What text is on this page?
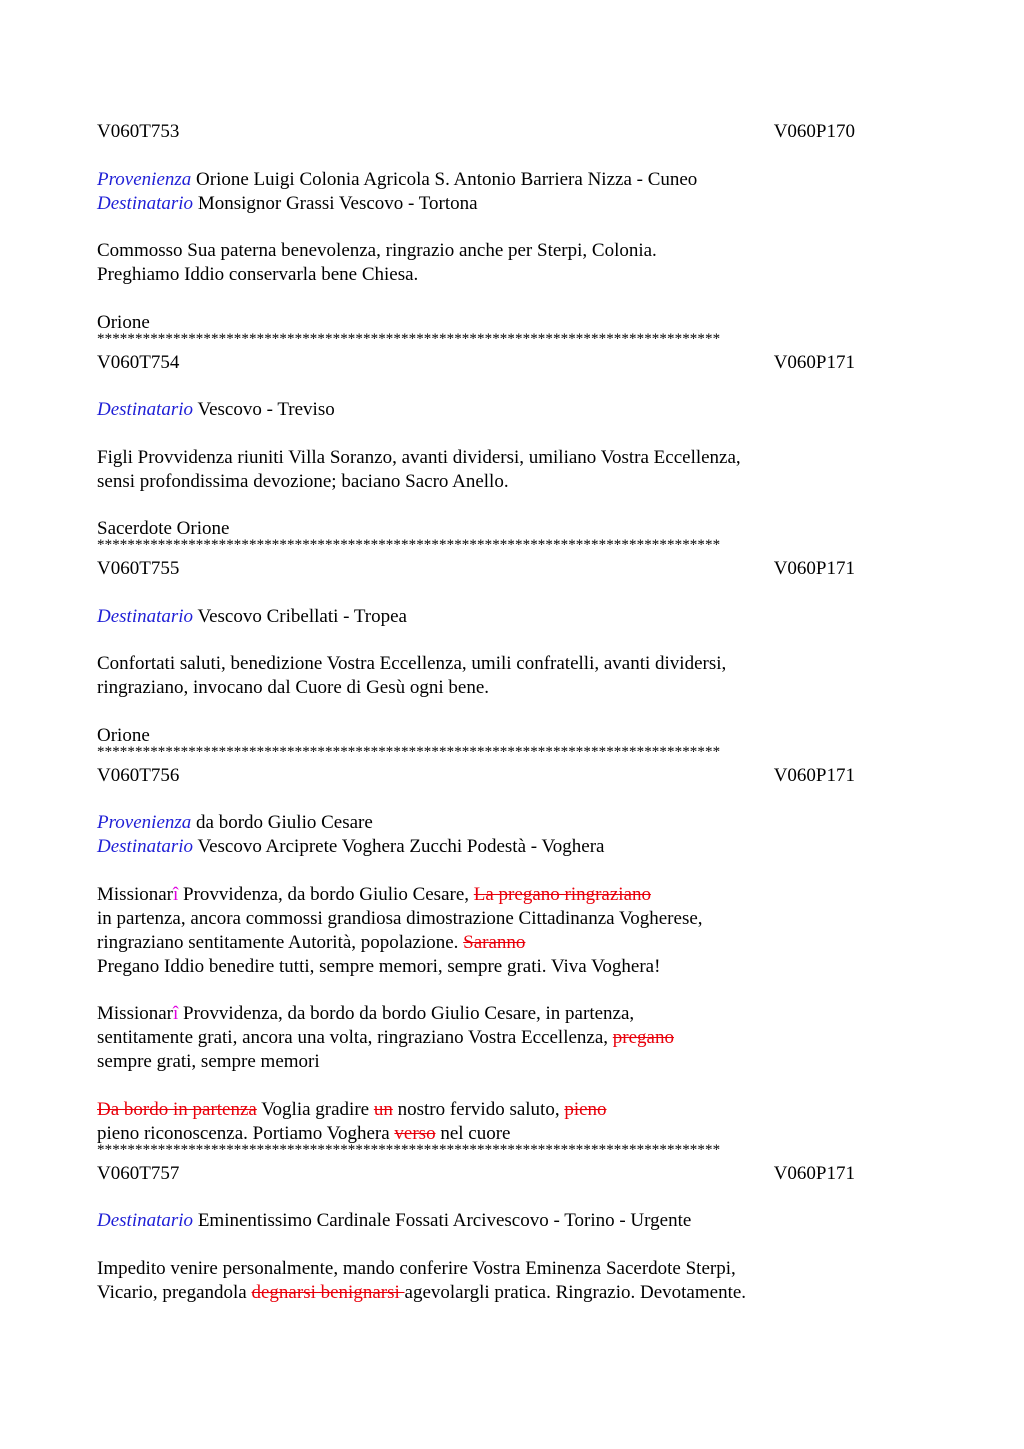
V060T753	V060P170
Provenienza Orione Luigi Colonia Agricola S. Antonio Barriera Nizza - Cuneo
Destinatario Monsignor Grassi Vescovo - Tortona
Commosso Sua paterna benevolenza, ringrazio anche per Sterpi, Colonia.
Preghiamo Iddio conservarla bene Chiesa.
Orione
**********************************************************************************
V060T754	V060P171
Destinatario Vescovo - Treviso
Figli Provvidenza riuniti Villa Soranzo, avanti dividersi, umiliano Vostra Eccellenza,
sensi profondissima devozione; baciano Sacro Anello.
Sacerdote Orione
**********************************************************************************
V060T755	V060P171
Destinatario Vescovo Cribellati - Tropea
Confortati saluti, benedizione Vostra Eccellenza, umili confratelli, avanti dividersi,
ringraziano, invocano dal Cuore di Gesù ogni bene.
Orione
**********************************************************************************
V060T756	V060P171
Provenienza da bordo Giulio Cesare
Destinatario Vescovo Arciprete Voghera Zucchi Podestà - Voghera
Missionarî Provvidenza, da bordo Giulio Cesare, La pregano ringraziano
in partenza, ancora commossi grandiosa dimostrazione Cittadinanza Vogherese,
ringraziano sentitamente Autorità, popolazione. Saranno
Pregano Iddio benedire tutti, sempre memori, sempre grati. Viva Voghera!
Missionarî Provvidenza, da bordo da bordo Giulio Cesare, in partenza,
sentitamente grati, ancora una volta, ringraziano Vostra Eccellenza, pregano
sempre grati, sempre memori
Da bordo in partenza Voglia gradire un nostro fervido saluto, pieno
pieno riconoscenza. Portiamo Voghera verso nel cuore
**********************************************************************************
V060T757	V060P171
Destinatario Eminentissimo Cardinale Fossati Arcivescovo - Torino - Urgente
Impedito venire personalmente, mando conferire Vostra Eminenza Sacerdote Sterpi,
Vicario, pregandola degnarsi benignarsi agevolargli pratica. Ringrazio. Devotamente.
